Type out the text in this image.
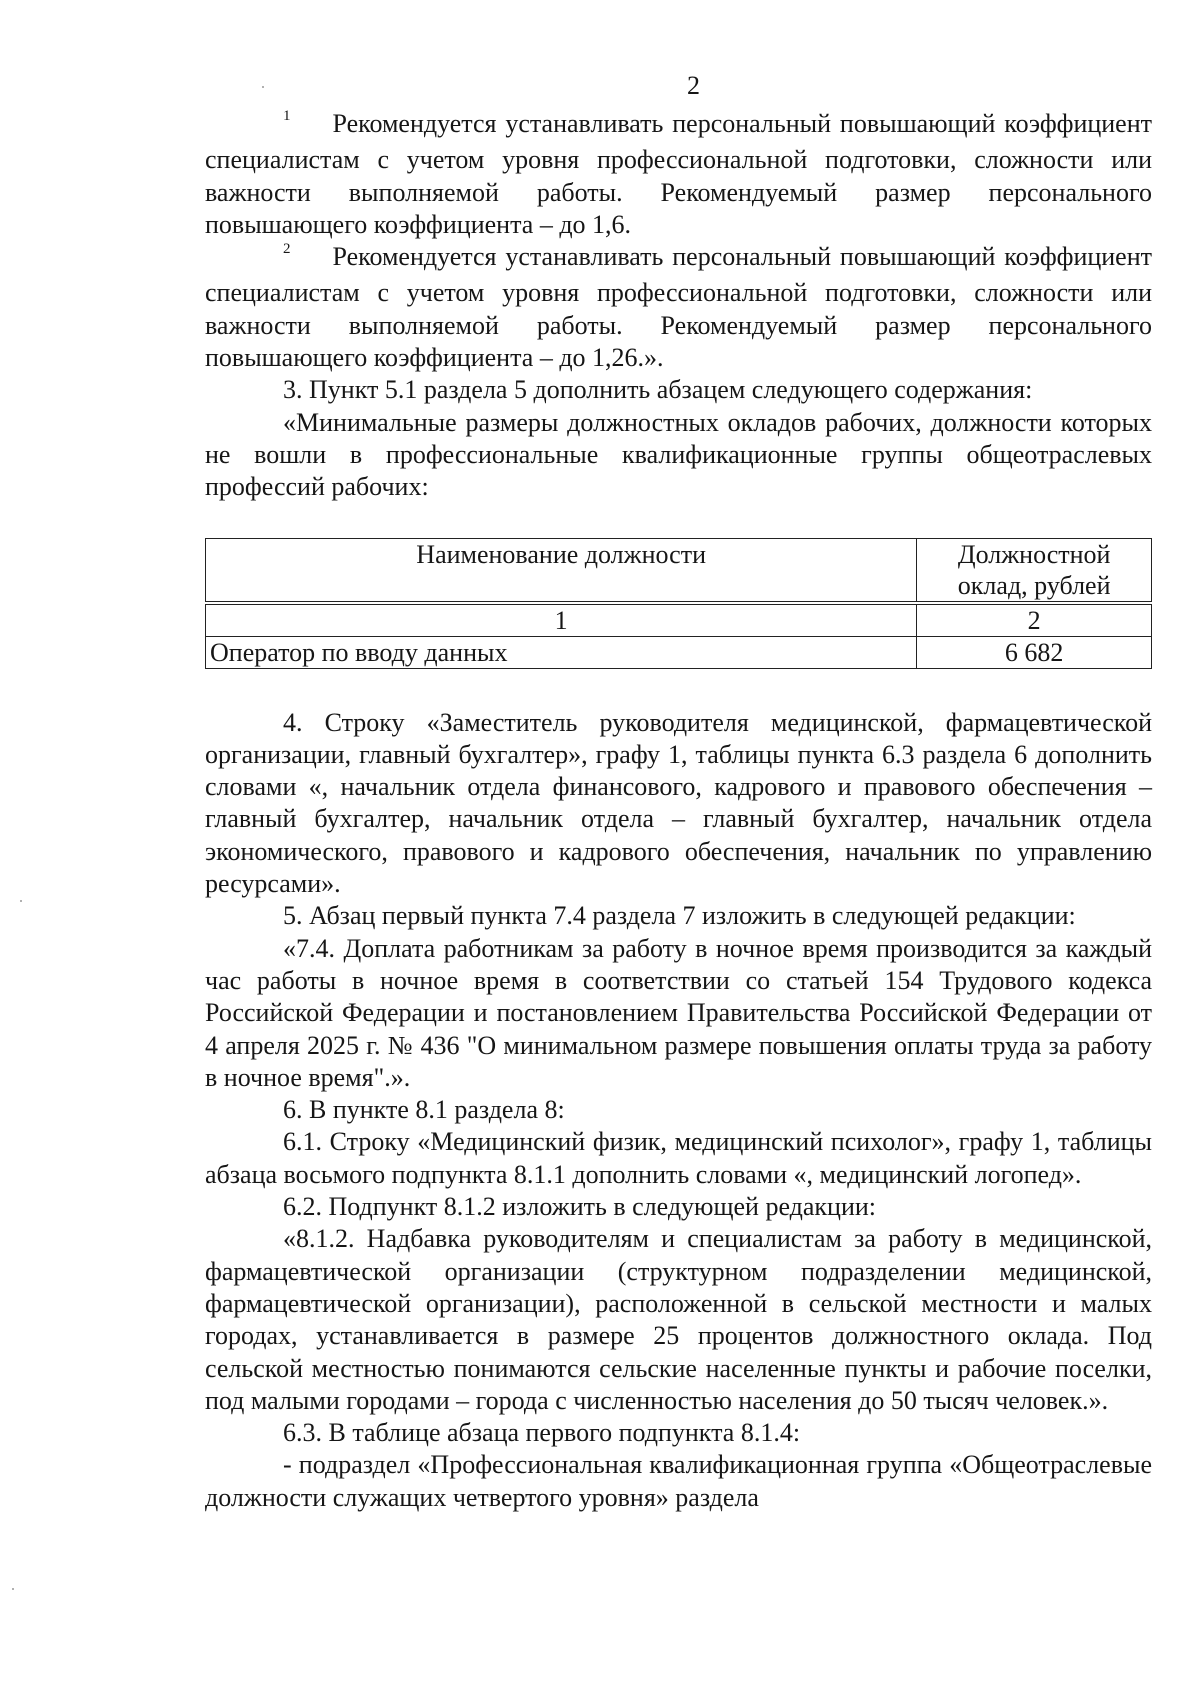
2

$^1$ Рекомендуется устанавливать персональный повышающий коэффициент специалистам с учетом уровня профессиональной подготовки, сложности или важности выполняемой работы. Рекомендуемый размер персонального повышающего коэффициента – до 1,6.

$^2$ Рекомендуется устанавливать персональный повышающий коэффициент специалистам с учетом уровня профессиональной подготовки, сложности или важности выполняемой работы. Рекомендуемый размер персонального повышающего коэффициента – до 1,26.».

3. Пункт 5.1 раздела 5 дополнить абзацем следующего содержания:

«Минимальные размеры должностных окладов рабочих, должности которых не вошли в профессиональные квалификационные группы общеотраслевых профессий рабочих:

Наименование должности	Должностной оклад, рублей
1	2
Оператор по вводу данных	6 682

4. Строку «Заместитель руководителя медицинской, фармацевтической организации, главный бухгалтер», графу 1, таблицы пункта 6.3 раздела 6 дополнить словами «, начальник отдела финансового, кадрового и правового обеспечения – главный бухгалтер, начальник отдела – главный бухгалтер, начальник отдела экономического, правового и кадрового обеспечения, начальник по управлению ресурсами».

5. Абзац первый пункта 7.4 раздела 7 изложить в следующей редакции:

«7.4. Доплата работникам за работу в ночное время производится за каждый час работы в ночное время в соответствии со статьей 154 Трудового кодекса Российской Федерации и постановлением Правительства Российской Федерации от 4 апреля 2025 г. № 436 "О минимальном размере повышения оплаты труда за работу в ночное время".».

6. В пункте 8.1 раздела 8:

6.1. Строку «Медицинский физик, медицинский психолог», графу 1, таблицы абзаца восьмого подпункта 8.1.1 дополнить словами «, медицинский логопед».

6.2. Подпункт 8.1.2 изложить в следующей редакции:

«8.1.2. Надбавка руководителям и специалистам за работу в медицинской, фармацевтической организации (структурном подразделении медицинской, фармацевтической организации), расположенной в сельской местности и малых городах, устанавливается в размере 25 процентов должностного оклада. Под сельской местностью понимаются сельские населенные пункты и рабочие поселки, под малыми городами – города с численностью населения до 50 тысяч человек.».

6.3. В таблице абзаца первого подпункта 8.1.4:

- подраздел «Профессиональная квалификационная группа «Общеотраслевые должности служащих четвертого уровня» раздела
